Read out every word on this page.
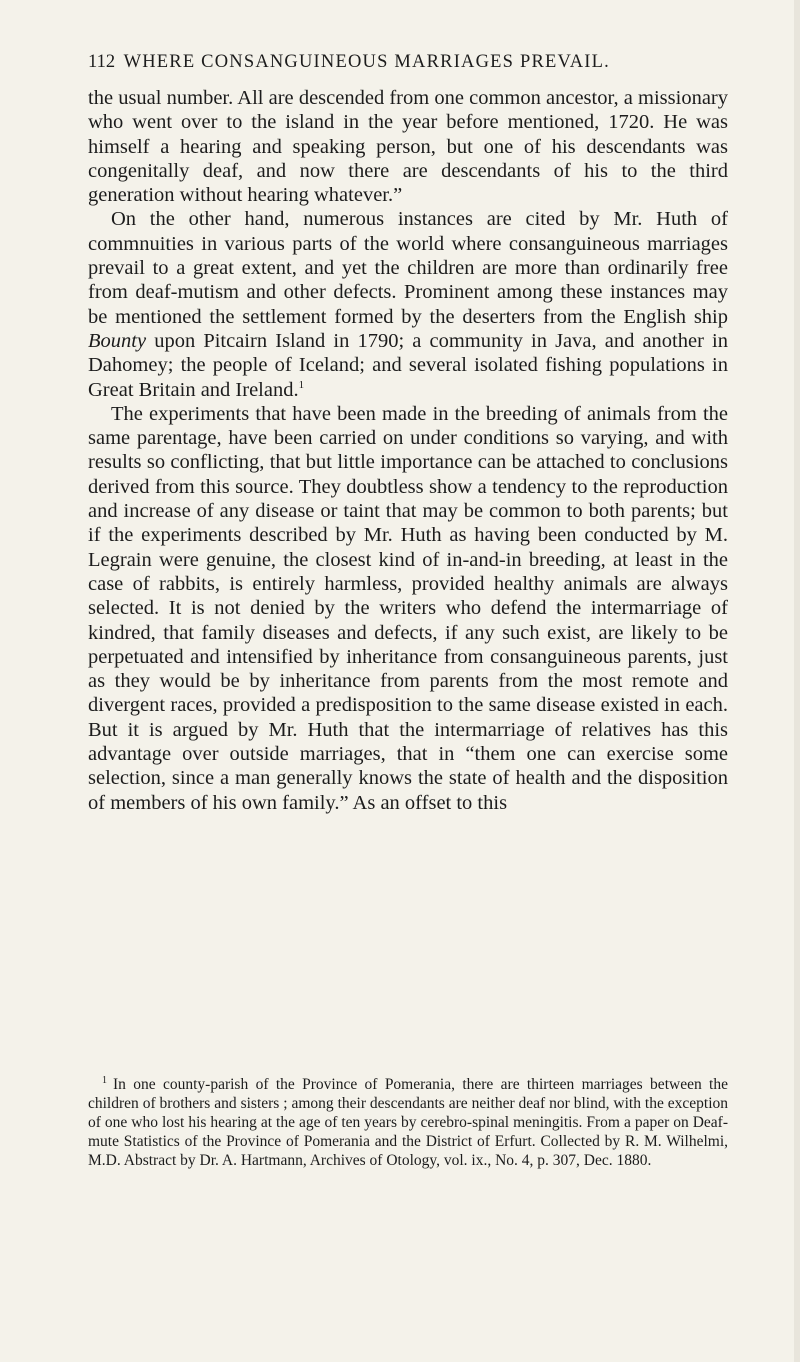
112 WHERE CONSANGUINEOUS MARRIAGES PREVAIL.

the usual number. All are descended from one common ancestor, a missionary who went over to the island in the year before mentioned, 1720. He was himself a hearing and speaking person, but one of his descendants was congenitally deaf, and now there are descendants of his to the third generation without hearing whatever.”

On the other hand, numerous instances are cited by Mr. Huth of commnuities in various parts of the world where consanguineous marriages prevail to a great extent, and yet the children are more than ordinarily free from deaf-mutism and other defects. Prominent among these instances may be mentioned the settlement formed by the deserters from the English ship Bounty upon Pitcairn Island in 1790; a community in Java, and another in Dahomey; the people of Iceland; and several isolated fishing populations in Great Britain and Ireland.$^1$

The experiments that have been made in the breeding of animals from the same parentage, have been carried on under conditions so varying, and with results so conflicting, that but little importance can be attached to conclusions derived from this source. They doubtless show a tendency to the reproduction and increase of any disease or taint that may be common to both parents; but if the experiments described by Mr. Huth as having been conducted by M. Legrain were genuine, the closest kind of in-and-in breeding, at least in the case of rabbits, is entirely harmless, provided healthy animals are always selected. It is not denied by the writers who defend the intermarriage of kindred, that family diseases and defects, if any such exist, are likely to be perpetuated and intensified by inheritance from consanguineous parents, just as they would be by inheritance from parents from the most remote and divergent races, provided a predisposition to the same disease existed in each. But it is argued by Mr. Huth that the intermarriage of relatives has this advantage over outside marriages, that in “them one can exercise some selection, since a man generally knows the state of health and the disposition of members of his own family.” As an offset to this

$^1$ In one county-parish of the Province of Pomerania, there are thirteen marriages between the children of brothers and sisters ; among their descendants are neither deaf nor blind, with the exception of one who lost his hearing at the age of ten years by cerebro-spinal meningitis. From a paper on Deaf-mute Statistics of the Province of Pomerania and the District of Erfurt. Collected by R. M. Wilhelmi, M.D. Abstract by Dr. A. Hartmann, Archives of Otology, vol. ix., No. 4, p. 307, Dec. 1880.
